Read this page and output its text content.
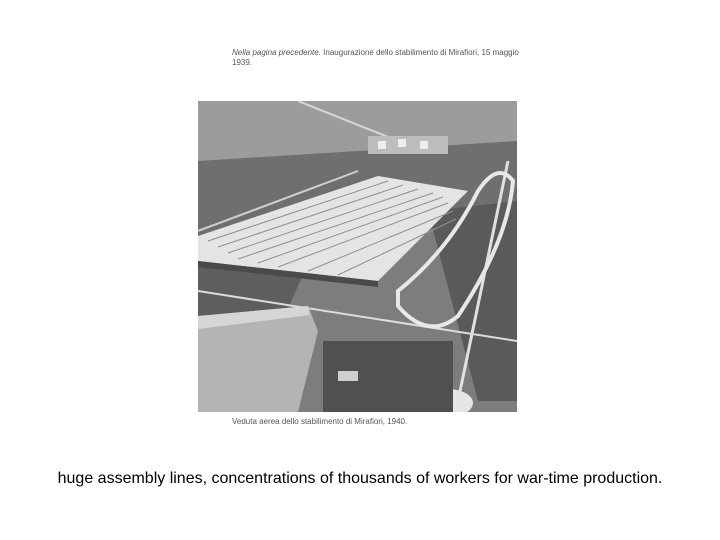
Nella pagina precedente. Inaugurazione dello stabilimento di Mirafiori, 15 maggio 1939.
Veduta aerea dello stabilimento di Mirafiori, 1940.
huge assembly lines, concentrations of thousands of workers for war-time production.
